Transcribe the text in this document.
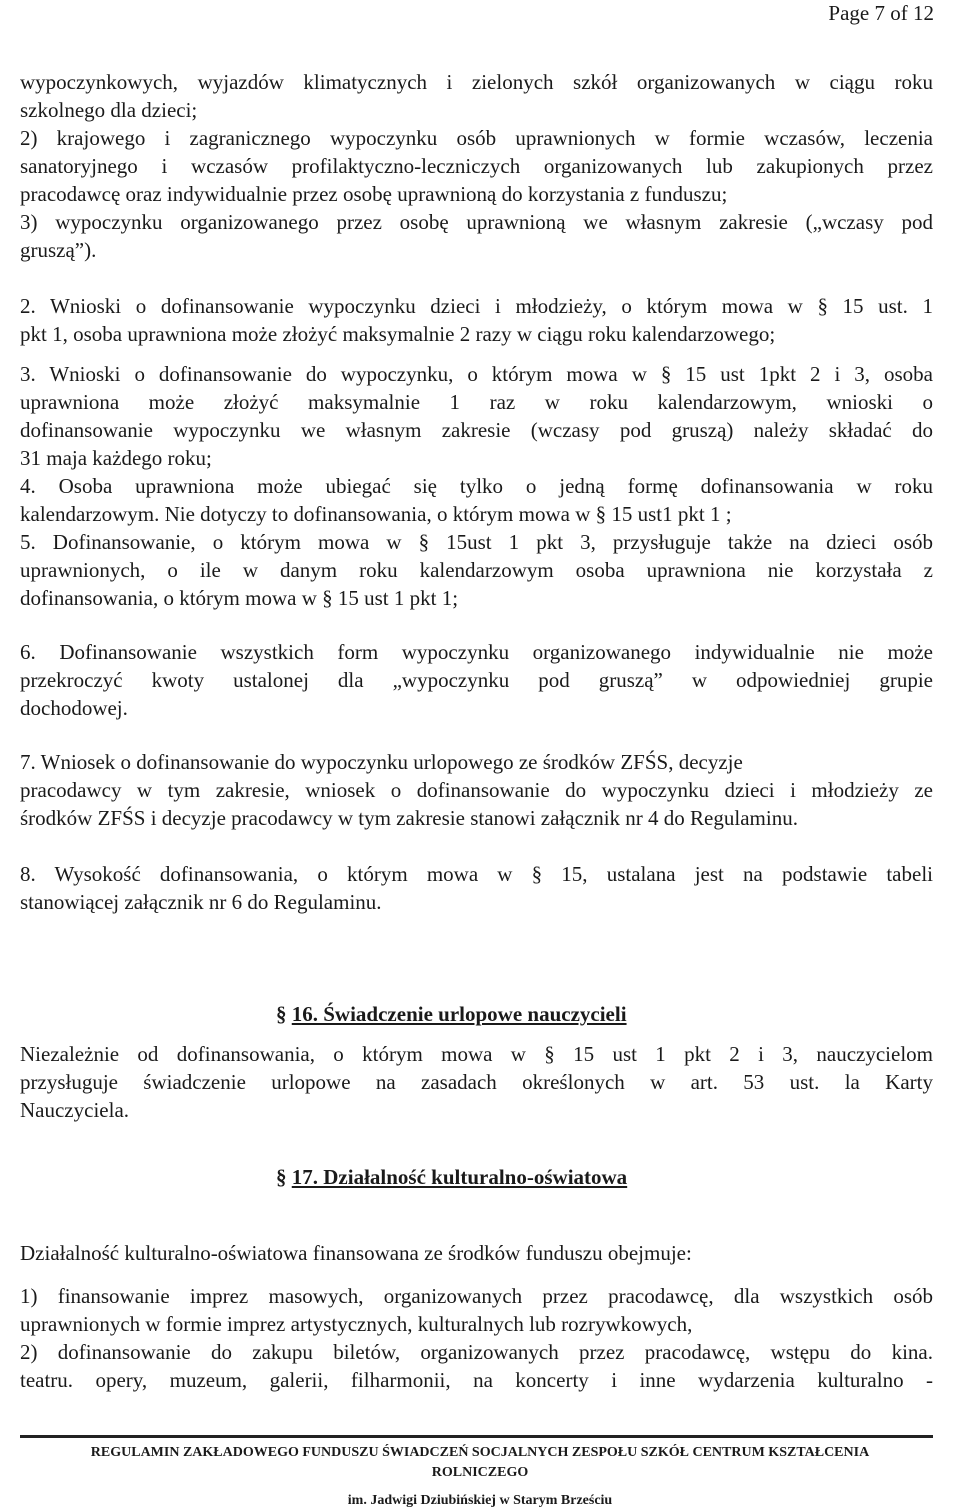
Page 7 of 12

wypoczynkowych, wyjazdów klimatycznych i zielonych szkół organizowanych w ciągu roku

szkolnego dla dzieci;

2) krajowego i zagranicznego wypoczynku osób uprawnionych w formie wczasów, leczenia

sanatoryjnego i wczasów profilaktyczno-leczniczych organizowanych lub zakupionych przez

pracodawcę oraz indywidualnie przez osobę uprawnioną do korzystania z funduszu;

3) wypoczynku organizowanego przez osobę uprawnioną we własnym zakresie („wczasy pod

gruszą”).

2. Wnioski o dofinansowanie wypoczynku dzieci i młodzieży, o którym mowa w § 15 ust. 1

pkt 1, osoba uprawniona może złożyć maksymalnie 2 razy w ciągu roku kalendarzowego;

3. Wnioski o dofinansowanie do wypoczynku, o którym mowa w § 15 ust 1pkt 2 i 3, osoba

uprawniona może złożyć maksymalnie 1 raz w roku kalendarzowym, wnioski o

dofinansowanie wypoczynku we własnym zakresie (wczasy pod gruszą) należy składać do

31 maja każdego roku;

4. Osoba uprawniona może ubiegać się tylko o jedną formę dofinansowania w roku

kalendarzowym. Nie dotyczy to dofinansowania, o którym mowa w § 15 ust1 pkt 1 ;

5. Dofinansowanie, o którym mowa w § 15ust 1 pkt 3, przysługuje także na dzieci osób

uprawnionych, o ile w danym roku kalendarzowym osoba uprawniona nie korzystała z

dofinansowania, o którym mowa w § 15 ust 1 pkt 1;

6. Dofinansowanie wszystkich form wypoczynku organizowanego indywidualnie nie może

przekroczyć kwoty ustalonej dla „wypoczynku pod gruszą” w odpowiedniej grupie

dochodowej.

7. Wniosek o dofinansowanie do wypoczynku urlopowego ze środków ZFŚS, decyzje

pracodawcy w tym zakresie, wniosek o dofinansowanie do wypoczynku dzieci i młodzieży ze

środków ZFŚS i decyzje pracodawcy w tym zakresie stanowi załącznik nr 4 do Regulaminu.

8. Wysokość dofinansowania, o którym mowa w § 15, ustalana jest na podstawie tabeli

stanowiącej załącznik nr 6 do Regulaminu.

§ 16. Świadczenie urlopowe nauczycieli

Niezależnie od dofinansowania, o którym mowa w § 15 ust 1 pkt 2 i 3, nauczycielom

przysługuje świadczenie urlopowe na zasadach określonych w art. 53 ust. la Karty

Nauczyciela.

§ 17. Działalność kulturalno-oświatowa

Działalność kulturalno-oświatowa finansowana ze środków funduszu obejmuje:

1) finansowanie imprez masowych, organizowanych przez pracodawcę, dla wszystkich osób

uprawnionych w formie imprez artystycznych, kulturalnych lub rozrywkowych,

2) dofinansowanie do zakupu biletów, organizowanych przez pracodawcę, wstępu do kina.

teatru. opery, muzeum, galerii, filharmonii, na koncerty i inne wydarzenia kulturalno -

REGULAMIN ZAKŁADOWEGO FUNDUSZU ŚWIADCZEŃ SOCJALNYCH ZESPOŁU SZKÓŁ CENTRUM KSZTAŁCENIA
ROLNICZEGO
im. Jadwigi Dziubińskiej w Starym Brześciu
